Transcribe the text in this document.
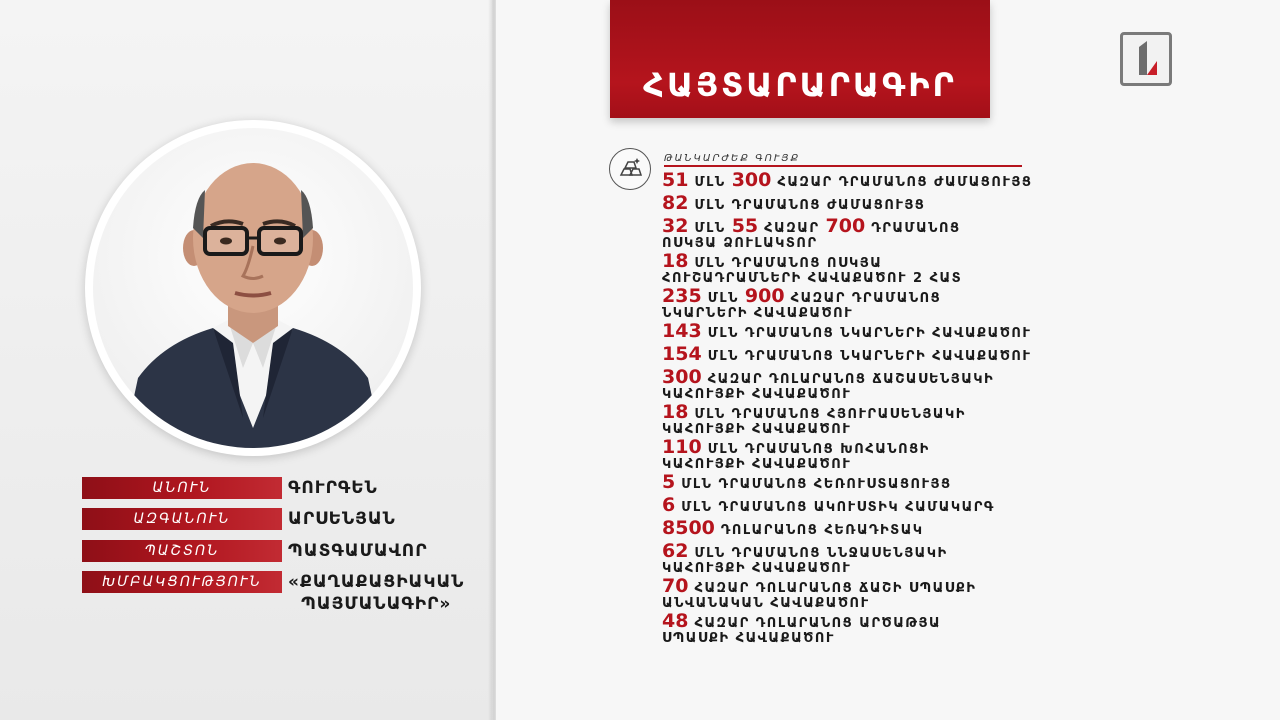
ԱՆՈՒՆ	ԳՈՒՐԳԵՆ
ԱԶԳԱՆՈՒՆ	ԱՐՍԵՆՅԱՆ
ՊԱՇՏՈՆ	ՊԱՏԳԱՄԱՎՈՐ
ԽՄԲԱԿՑՈՒԹՅՈՒՆ	«ՔԱՂԱՔԱՑԻԱԿԱՆ
ՊԱՅՄԱՆԱԳԻՐ»
ՀԱՅՏԱՐԱՐԱԳԻՐ
ԹԱՆԿԱՐԺԵՔ ԳՈՒՅՔ

51 ՄԼՆ 300 ՀԱԶԱՐ ԴՐԱՄԱՆՈՑ ԺԱՄԱՑՈՒՅՑ

82 ՄԼՆ ԴՐԱՄԱՆՈՑ ԺԱՄԱՑՈՒՅՑ

32 ՄԼՆ 55 ՀԱԶԱՐ 700 ԴՐԱՄԱՆՈՑ
ՈՍԿՅԱ ՁՈՒԼԱԿՏՈՐ

18 ՄԼՆ ԴՐԱՄԱՆՈՑ ՈՍԿՅԱ
ՀՈՒՇԱԴՐԱՄՆԵՐԻ ՀԱՎԱՔԱԾՈՒ 2 ՀԱՏ

235 ՄԼՆ 900 ՀԱԶԱՐ ԴՐԱՄԱՆՈՑ
ՆԿԱՐՆԵՐԻ ՀԱՎԱՔԱԾՈՒ

143 ՄԼՆ ԴՐԱՄԱՆՈՑ ՆԿԱՐՆԵՐԻ ՀԱՎԱՔԱԾՈՒ

154 ՄԼՆ ԴՐԱՄԱՆՈՑ ՆԿԱՐՆԵՐԻ ՀԱՎԱՔԱԾՈՒ

300 ՀԱԶԱՐ ԴՈԼԱՐԱՆՈՑ ՃԱՇԱՍԵՆՅԱԿԻ
ԿԱՀՈՒՅՔԻ ՀԱՎԱՔԱԾՈՒ

18 ՄԼՆ ԴՐԱՄԱՆՈՑ ՀՅՈՒՐԱՍԵՆՅԱԿԻ
ԿԱՀՈՒՅՔԻ ՀԱՎԱՔԱԾՈՒ

110 ՄԼՆ ԴՐԱՄԱՆՈՑ ԽՈՀԱՆՈՑԻ
ԿԱՀՈՒՅՔԻ ՀԱՎԱՔԱԾՈՒ

5 ՄԼՆ ԴՐԱՄԱՆՈՑ ՀԵՌՈՒՍՏԱՑՈՒՅՑ

6 ՄԼՆ ԴՐԱՄԱՆՈՑ ԱԿՈՒՍՏԻԿ ՀԱՄԱԿԱՐԳ

8500 ԴՈԼԱՐԱՆՈՑ ՀԵՌԱԴԻՏԱԿ

62 ՄԼՆ ԴՐԱՄԱՆՈՑ ՆՆՋԱՍԵՆՅԱԿԻ
ԿԱՀՈՒՅՔԻ ՀԱՎԱՔԱԾՈՒ

70 ՀԱԶԱՐ ԴՈԼԱՐԱՆՈՑ ՃԱՇԻ ՍՊԱՍՔԻ
ԱՆՎԱՆԱԿԱՆ ՀԱՎԱՔԱԾՈՒ

48 ՀԱԶԱՐ ԴՈԼԱՐԱՆՈՑ ԱՐԾԱԹՅԱ
ՍՊԱՍՔԻ ՀԱՎԱՔԱԾՈՒ
